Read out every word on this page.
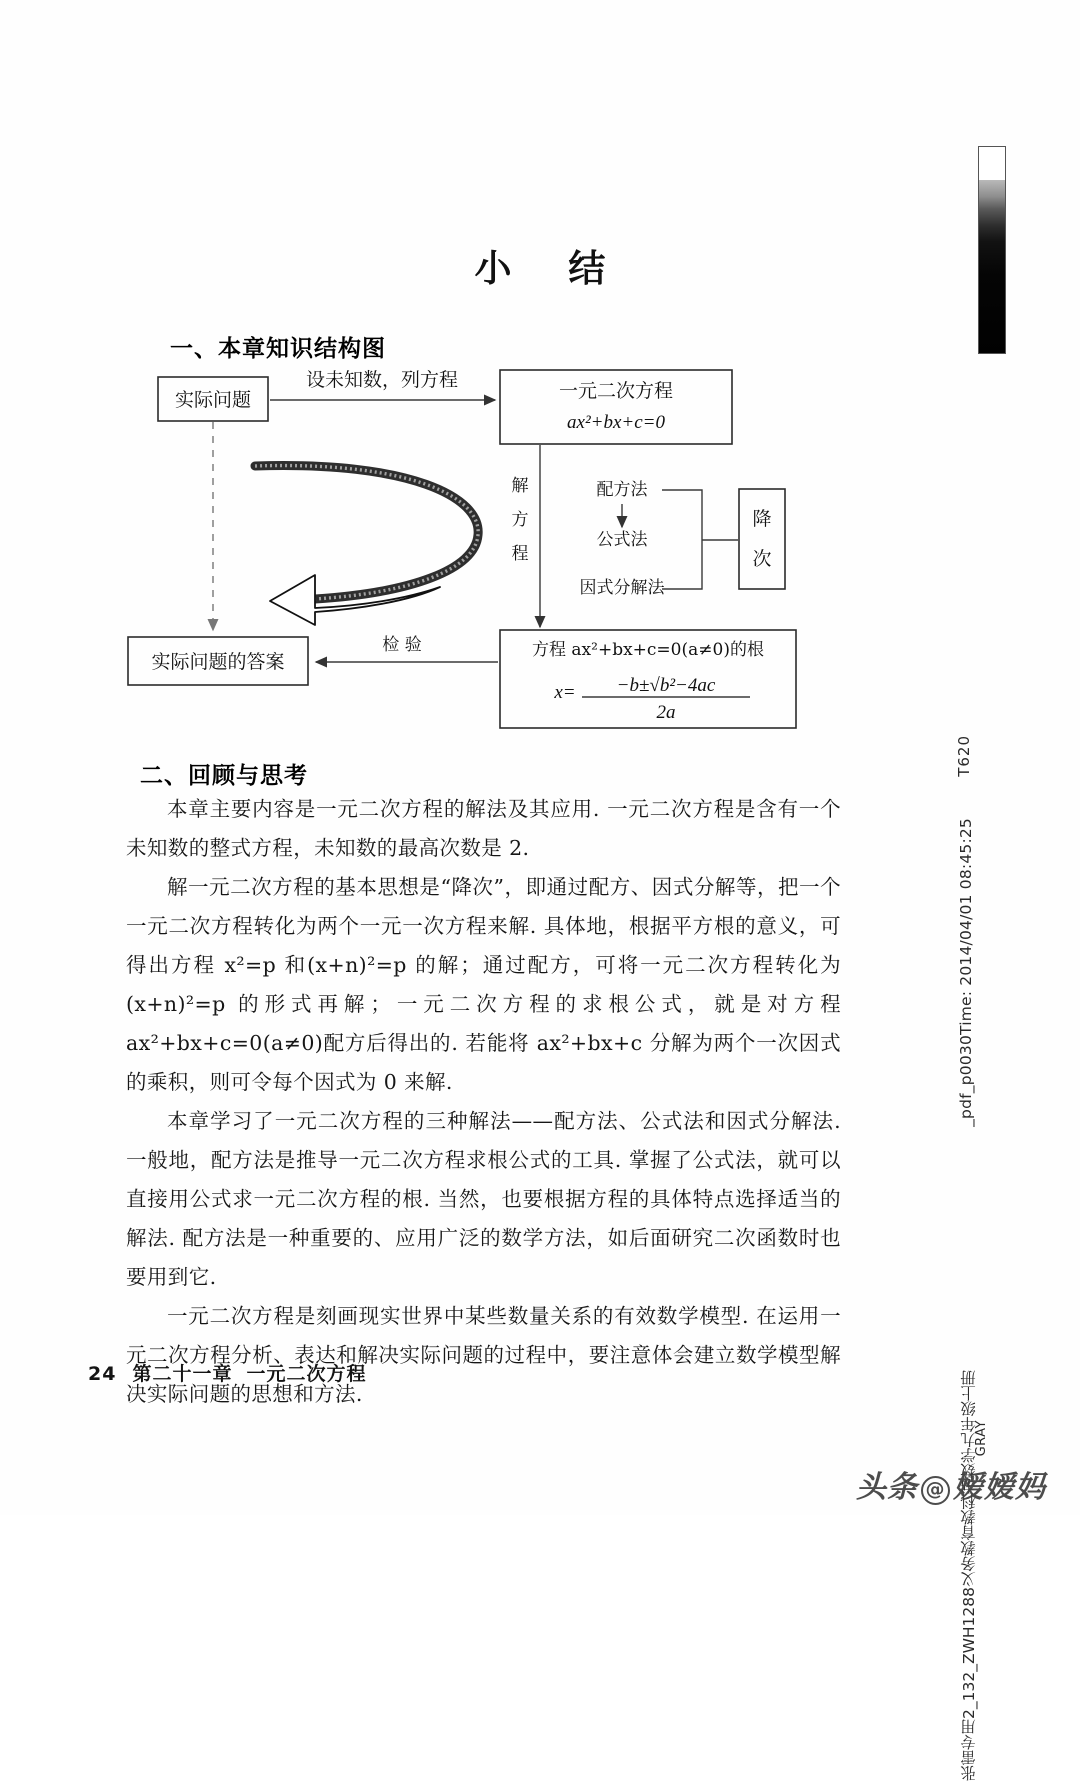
小 结
一、本章知识结构图
实际问题
设未知数，列方程	一元二次方程
ax²+bx+c=0
解
方
程
配方法
公式法
因式分解法
降
次
实际问题的答案
方程 ax²+bx+c=0(a≠0)的根
x= −b±√b²−4ac
2a
检 验
二、回顾与思考

本章主要内容是一元二次方程的解法及其应用. 一元二次方程是含有一个未知数的整式方程，未知数的最高次数是 2.

解一元二次方程的基本思想是“降次”，即通过配方、因式分解等，把一个一元二次方程转化为两个一元一次方程来解. 具体地，根据平方根的意义，可得出方程 x²=p 和(x+n)²=p 的解；通过配方，可将一元二次方程转化为(x+n)²=p 的形式再解；一元二次方程的求根公式，就是对方程 ax²+bx+c=0(a≠0)配方后得出的. 若能将 ax²+bx+c 分解为两个一次因式的乘积，则可令每个因式为 0 来解.

本章学习了一元二次方程的三种解法——配方法、公式法和因式分解法. 一般地，配方法是推导一元二次方程求根公式的工具. 掌握了公式法，就可以直接用公式求一元二次方程的根. 当然，也要根据方程的具体特点选择适当的解法. 配方法是一种重要的、应用广泛的数学方法，如后面研究二次函数时也要用到它.

一元二次方程是刻画现实世界中某些数量关系的有效数学模型. 在运用一元二次方程分析、表达和解决实际问题的过程中，要注意体会建立数学模型解决实际问题的思想和方法.

24 第二十一章 一元二次方程
T620
_pdf_p0030Time: 2014/04/01 08:45:25
张雷专用2_132_ZWH1288义务教育教科书数学九年级上册
GRAY
头条 @ 嫒嫒妈
